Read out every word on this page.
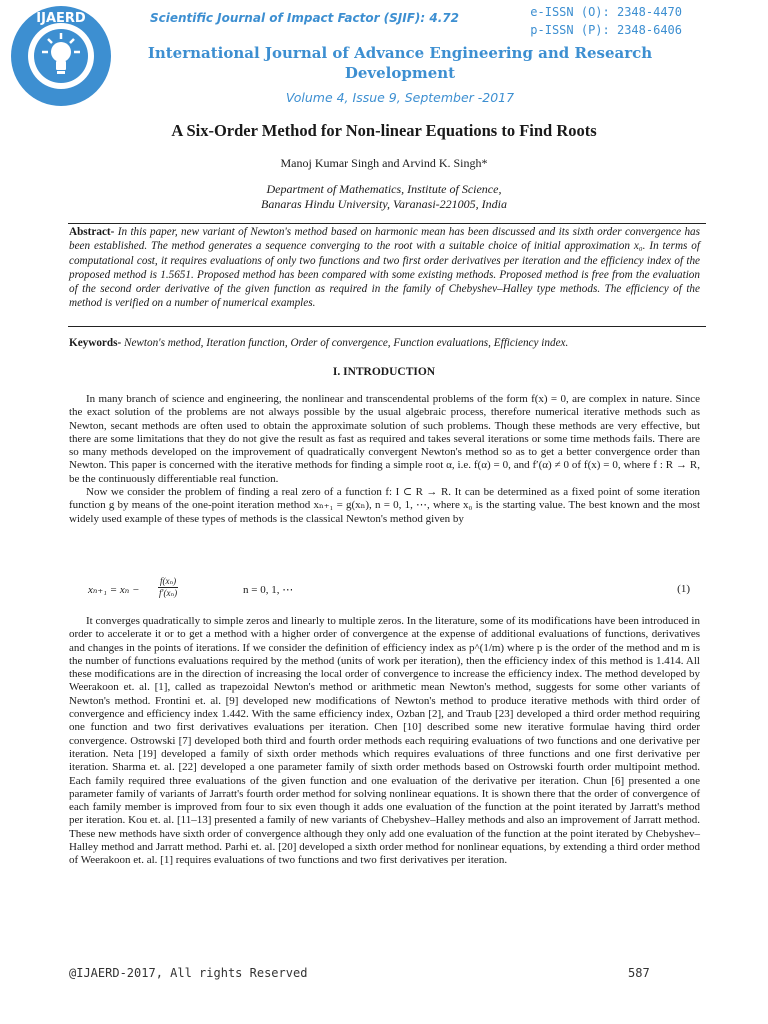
IJAERD	Scientific Journal of Impact Factor (SJIF): 4.72	e-ISSN (O): 2348-4470
p-ISSN (P): 2348-6406
International Journal of Advance Engineering and Research
Development
Volume 4, Issue 9, September -2017
A Six-Order Method for Non-linear Equations to Find Roots
Manoj Kumar Singh and Arvind K. Singh*
Department of Mathematics, Institute of Science,
Banaras Hindu University, Varanasi-221005, India
Abstract- In this paper, new variant of Newton's method based on harmonic mean has been discussed and its sixth order convergence has been established. The method generates a sequence converging to the root with a suitable choice of initial approximation x₀. In terms of computational cost, it requires evaluations of only two functions and two first order derivatives per iteration and the efficiency index of the proposed method is 1.5651. Proposed method has been compared with some existing methods. Proposed method is free from the evaluation of the second order derivative of the given function as required in the family of Chebyshev–Halley type methods. The efficiency of the method is verified on a number of numerical examples.
Keywords- Newton's method, Iteration function, Order of convergence, Function evaluations, Efficiency index.
I. INTRODUCTION

In many branch of science and engineering, the nonlinear and transcendental problems of the form f(x) = 0, are complex in nature. Since the exact solution of the problems are not always possible by the usual algebraic process, therefore numerical iterative methods such as Newton, secant methods are often used to obtain the approximate solution of such problems. Though these methods are very effective, but there are some limitations that they do not give the result as fast as required and takes several iterations or some time methods fails. There are so many methods developed on the improvement of quadratically convergent Newton's method so as to get a better convergence order than Newton. This paper is concerned with the iterative methods for finding a simple root α, i.e. f(α) = 0, and f′(α) ≠ 0 of f(x) = 0, where f : R → R, be the continuously differentiable real function.

Now we consider the problem of finding a real zero of a function f: I ⊂ R → R. It can be determined as a fixed point of some iteration function g by means of the one-point iteration method xₙ₊₁ = g(xₙ), n = 0, 1, ⋯, where x₀ is the starting value. The best known and the most widely used example of these types of methods is the classical Newton's method given by

$x_{n+1} = x_n - \frac{\text{f(xₙ)}}{\text{f′(xₙ)}}$	n = 0, 1, ⋯	(1)

It converges quadratically to simple zeros and linearly to multiple zeros. In the literature, some of its modifications have been introduced in order to accelerate it or to get a method with a higher order of convergence at the expense of additional evaluations of functions, derivatives and changes in the points of iterations. If we consider the definition of efficiency index as p^(1/m) where p is the order of the method and m is the number of functions evaluations required by the method (units of work per iteration), then the efficiency index of this method is 1.414. All these modifications are in the direction of increasing the local order of convergence to increase the efficiency index. The method developed by Weerakoon et. al. [1], called as trapezoidal Newton's method or arithmetic mean Newton's method, suggests for some other variants of Newton's method. Frontini et. al. [9] developed new modifications of Newton's method to produce iterative methods with third order of convergence and efficiency index 1.442. With the same efficiency index, Ozban [2], and Traub [23] developed a third order method requiring one function and two first derivatives evaluations per iteration. Chen [10] described some new iterative formulae having third order convergence. Ostrowski [7] developed both third and fourth order methods each requiring evaluations of two functions and one derivative per iteration. Neta [19] developed a family of sixth order methods which requires evaluations of three functions and one first derivative per iteration. Sharma et. al. [22] developed a one parameter family of sixth order methods based on Ostrowski fourth order multipoint method. Each family required three evaluations of the given function and one evaluation of the derivative per iteration. Chun [6] presented a one parameter family of variants of Jarratt's fourth order method for solving nonlinear equations. It is shown there that the order of convergence of each family member is improved from four to six even though it adds one evaluation of the function at the point iterated by Jarratt's method per iteration. Kou et. al. [11–13] presented a family of new variants of Chebyshev–Halley methods and also an improvement of Jarratt method. These new methods have sixth order of convergence although they only add one evaluation of the function at the point iterated by Chebyshev–Halley method and Jarratt method. Parhi et. al. [20] developed a sixth order method for nonlinear equations, by extending a third order method of Weerakoon et. al. [1] requires evaluations of two functions and two first derivatives per iteration.

@IJAERD-2017, All rights Reserved	587
